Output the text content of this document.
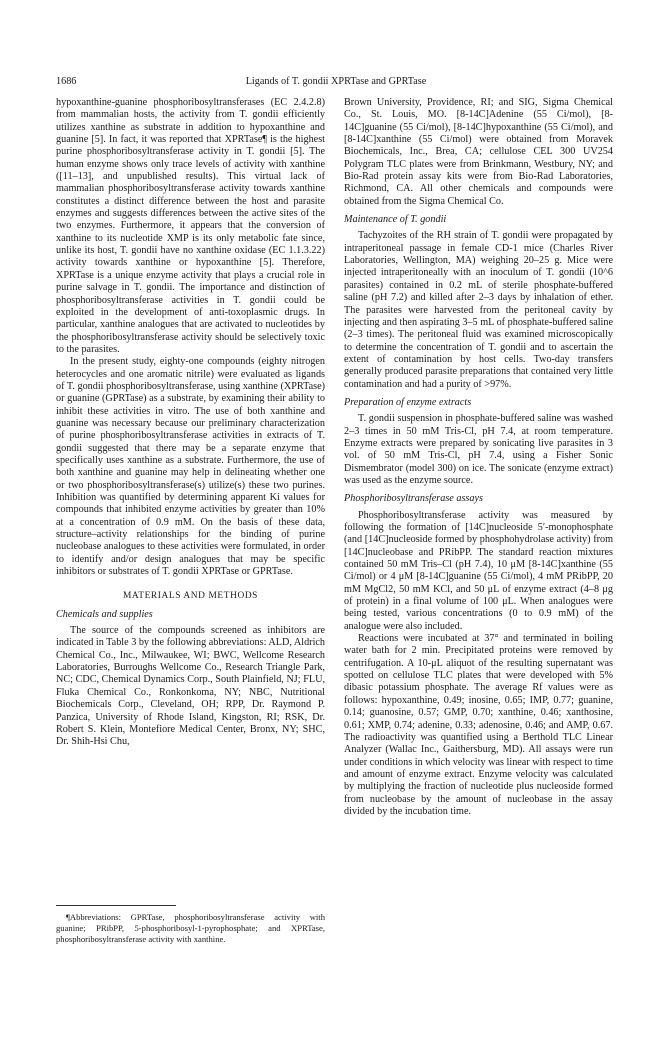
1686	Ligands of T. gondii XPRTase and GPRTase

hypoxanthine-guanine phosphoribosyltransferases (EC 2.4.2.8) from mammalian hosts, the activity from T. gondii efficiently utilizes xanthine as substrate in addition to hypoxanthine and guanine [5]. In fact, it was reported that XPRTase¶ is the highest purine phosphoribosyltransferase activity in T. gondii [5]. The human enzyme shows only trace levels of activity with xanthine ([11–13], and unpublished results). This virtual lack of mammalian phosphoribosyltransferase activity towards xanthine constitutes a distinct difference between the host and parasite enzymes and suggests differences between the active sites of the two enzymes. Furthermore, it appears that the conversion of xanthine to its nucleotide XMP is its only metabolic fate since, unlike its host, T. gondii have no xanthine oxidase (EC 1.1.3.22) activity towards xanthine or hypoxanthine [5]. Therefore, XPRTase is a unique enzyme activity that plays a crucial role in purine salvage in T. gondii. The importance and distinction of phosphoribosyltransferase activities in T. gondii could be exploited in the development of anti-toxoplasmic drugs. In particular, xanthine analogues that are activated to nucleotides by the phosphoribosyltransferase activity should be selectively toxic to the parasites.

In the present study, eighty-one compounds (eighty nitrogen heterocycles and one aromatic nitrile) were evaluated as ligands of T. gondii phosphoribosyltransferase, using xanthine (XPRTase) or guanine (GPRTase) as a substrate, by examining their ability to inhibit these activities in vitro. The use of both xanthine and guanine was necessary because our preliminary characterization of purine phosphoribosyltransferase activities in extracts of T. gondii suggested that there may be a separate enzyme that specifically uses xanthine as a substrate. Furthermore, the use of both xanthine and guanine may help in delineating whether one or two phosphoribosyltransferase(s) utilize(s) these two purines. Inhibition was quantified by determining apparent Ki values for compounds that inhibited enzyme activities by greater than 10% at a concentration of 0.9 mM. On the basis of these data, structure–activity relationships for the binding of purine nucleobase analogues to these activities were formulated, in order to identify and/or design analogues that may be specific inhibitors or substrates of T. gondii XPRTase or GPRTase.

MATERIALS AND METHODS
Chemicals and supplies

The source of the compounds screened as inhibitors are indicated in Table 3 by the following abbreviations: ALD, Aldrich Chemical Co., Inc., Milwaukee, WI; BWC, Wellcome Research Laboratories, Burroughs Wellcome Co., Research Triangle Park, NC; CDC, Chemical Dynamics Corp., South Plainfield, NJ; FLU, Fluka Chemical Co., Ronkonkoma, NY; NBC, Nutritional Biochemicals Corp., Cleveland, OH; RPP, Dr. Raymond P. Panzica, University of Rhode Island, Kingston, RI; RSK, Dr. Robert S. Klein, Montefiore Medical Center, Bronx, NY; SHC, Dr. Shih-Hsi Chu,

Brown University, Providence, RI; and SIG, Sigma Chemical Co., St. Louis, MO. [8-14C]Adenine (55 Ci/mol), [8-14C]guanine (55 Ci/mol), [8-14C]hypoxanthine (55 Ci/mol), and [8-14C]xanthine (55 Ci/mol) were obtained from Moravek Biochemicals, Inc., Brea, CA; cellulose CEL 300 UV254 Polygram TLC plates were from Brinkmann, Westbury, NY; and Bio-Rad protein assay kits were from Bio-Rad Laboratories, Richmond, CA. All other chemicals and compounds were obtained from the Sigma Chemical Co.

Maintenance of T. gondii

Tachyzoites of the RH strain of T. gondii were propagated by intraperitoneal passage in female CD-1 mice (Charles River Laboratories, Wellington, MA) weighing 20–25 g. Mice were injected intraperitoneally with an inoculum of T. gondii (10^6 parasites) contained in 0.2 mL of sterile phosphate-buffered saline (pH 7.2) and killed after 2–3 days by inhalation of ether. The parasites were harvested from the peritoneal cavity by injecting and then aspirating 3–5 mL of phosphate-buffered saline (2–3 times). The peritoneal fluid was examined microscopically to determine the concentration of T. gondii and to ascertain the extent of contamination by host cells. Two-day transfers generally produced parasite preparations that contained very little contamination and had a purity of >97%.

Preparation of enzyme extracts

T. gondii suspension in phosphate-buffered saline was washed 2–3 times in 50 mM Tris-Cl, pH 7.4, at room temperature. Enzyme extracts were prepared by sonicating live parasites in 3 vol. of 50 mM Tris-Cl, pH 7.4, using a Fisher Sonic Dismembrator (model 300) on ice. The sonicate (enzyme extract) was used as the enzyme source.

Phosphoribosyltransferase assays

Phosphoribosyltransferase activity was measured by following the formation of [14C]nucleoside 5′-monophosphate (and [14C]nucleoside formed by phosphohydrolase activity) from [14C]nucleobase and PRibPP. The standard reaction mixtures contained 50 mM Tris–Cl (pH 7.4), 10 μM [8-14C]xanthine (55 Ci/mol) or 4 μM [8-14C]guanine (55 Ci/mol), 4 mM PRibPP, 20 mM MgCl2, 50 mM KCl, and 50 μL of enzyme extract (4–8 μg of protein) in a final volume of 100 μL. When analogues were being tested, various concentrations (0 to 0.9 mM) of the analogue were also included.

Reactions were incubated at 37° and terminated in boiling water bath for 2 min. Precipitated proteins were removed by centrifugation. A 10-μL aliquot of the resulting supernatant was spotted on cellulose TLC plates that were developed with 5% dibasic potassium phosphate. The average Rf values were as follows: hypoxanthine, 0.49; inosine, 0.65; IMP, 0.77; guanine, 0.14; guanosine, 0.57; GMP, 0.70; xanthine, 0.46; xanthosine, 0.61; XMP, 0.74; adenine, 0.33; adenosine, 0.46; and AMP, 0.67. The radioactivity was quantified using a Berthold TLC Linear Analyzer (Wallac Inc., Gaithersburg, MD). All assays were run under conditions in which velocity was linear with respect to time and amount of enzyme extract. Enzyme velocity was calculated by multiplying the fraction of nucleotide plus nucleoside formed from nucleobase by the amount of nucleobase in the assay divided by the incubation time.

¶Abbreviations: GPRTase, phosphoribosyltransferase activity with guanine; PRibPP, 5-phosphoribosyl-1-pyrophosphate; and XPRTase, phosphoribosyltransferase activity with xanthine.
